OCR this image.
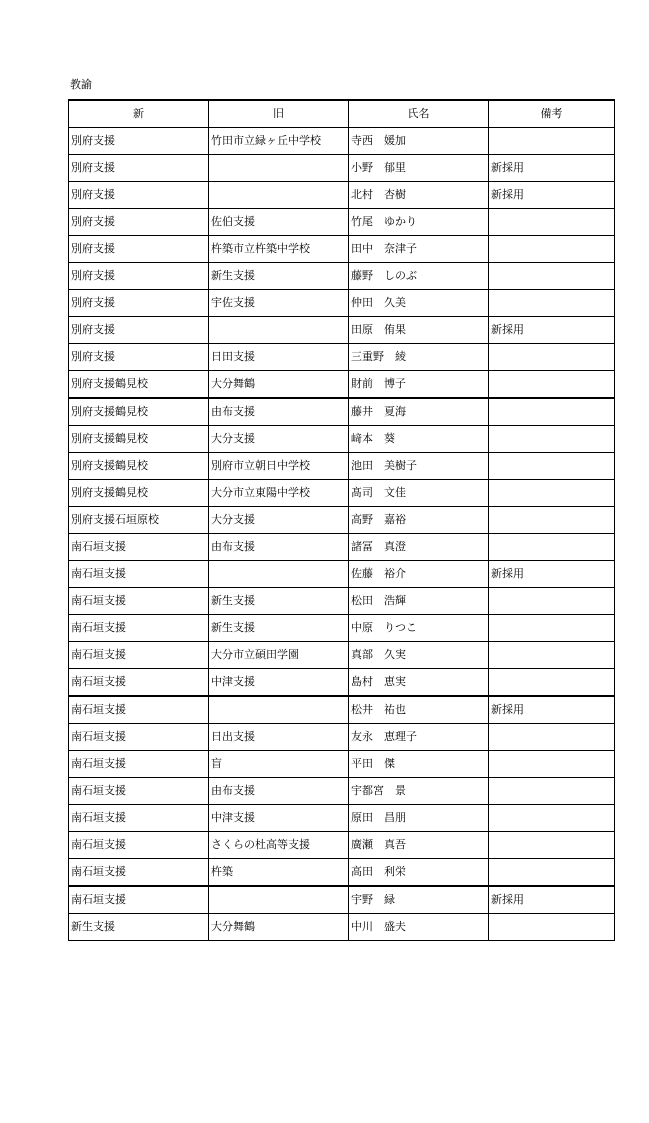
教諭
新	旧	氏名	備考
別府支援	竹田市立緑ヶ丘中学校	寺西　媛加	
別府支援		小野　郁里	新採用
別府支援		北村　杏樹	新採用
別府支援	佐伯支援	竹尾　ゆかり	
別府支援	杵築市立杵築中学校	田中　奈津子	
別府支援	新生支援	藤野　しのぶ	
別府支援	宇佐支援	仲田　久美	
別府支援		田原　侑果	新採用
別府支援	日田支援	三重野　綾	
別府支援鶴見校	大分舞鶴	財前　博子	
別府支援鶴見校	由布支援	藤井　夏海	
別府支援鶴見校	大分支援	﨑本　葵	
別府支援鶴見校	別府市立朝日中学校	池田　美樹子	
別府支援鶴見校	大分市立東陽中学校	髙司　文佳	
別府支援石垣原校	大分支援	高野　嘉裕	
南石垣支援	由布支援	諸冨　真澄	
南石垣支援		佐藤　裕介	新採用
南石垣支援	新生支援	松田　浩輝	
南石垣支援	新生支援	中原　りつこ	
南石垣支援	大分市立碩田学園	真部　久実	
南石垣支援	中津支援	島村　恵実	
南石垣支援		松井　祐也	新採用
南石垣支援	日出支援	友永　恵理子	
南石垣支援	盲	平田　傑	
南石垣支援	由布支援	宇都宮　景	
南石垣支援	中津支援	原田　昌朋	
南石垣支援	さくらの杜高等支援	廣瀬　真吾	
南石垣支援	杵築	高田　利栄	
南石垣支援		宇野　緑	新採用
新生支援	大分舞鶴	中川　盛夫	
